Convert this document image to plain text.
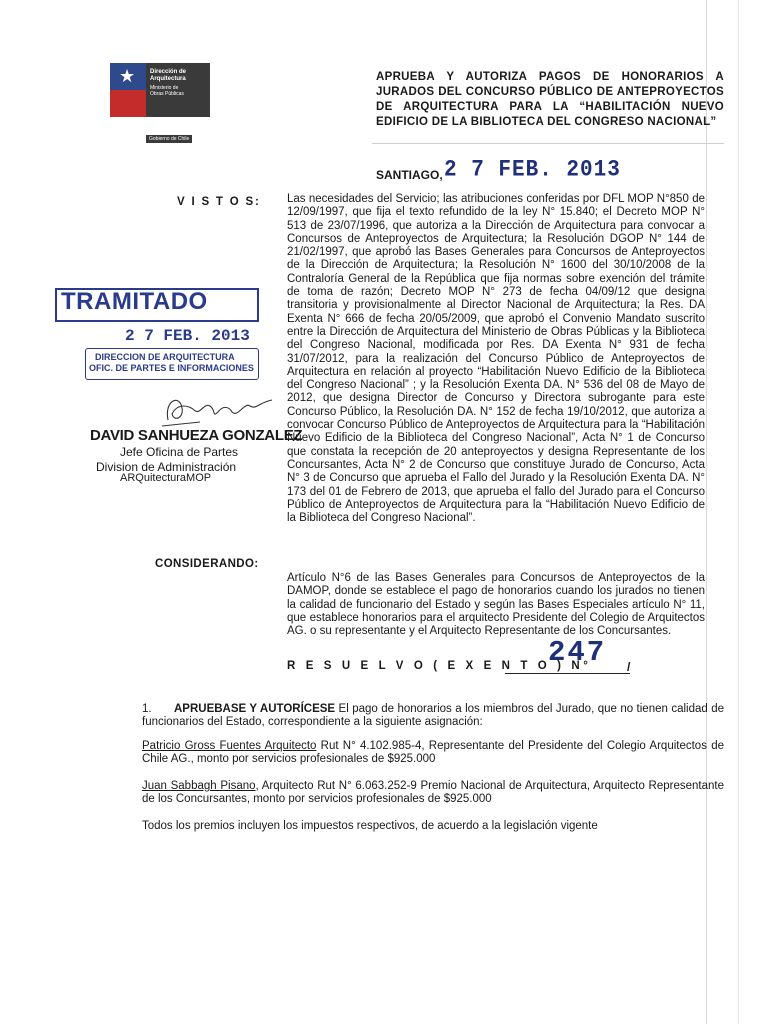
★ Dirección de
Arquitectura
Ministerio de
Obras Públicas
Gobierno de Chile
APRUEBA Y AUTORIZA PAGOS DE HONORARIOS A JURADOS DEL CONCURSO PÚBLICO DE ANTEPROYECTOS DE ARQUITECTURA PARA LA “HABILITACIÓN NUEVO EDIFICIO DE LA BIBLIOTECA DEL CONGRESO NACIONAL”
SANTIAGO, 2 7 FEB. 2013
V I S T O S: Las necesidades del Servicio; las atribuciones conferidas por DFL MOP N°850 de 12/09/1997, que fija el texto refundido de la ley N° 15.840; el Decreto MOP N° 513 de 23/07/1996, que autoriza a la Dirección de Arquitectura para convocar a Concursos de Anteproyectos de Arquitectura; la Resolución DGOP N° 144 de 21/02/1997, que aprobó las Bases Generales para Concursos de Anteproyectos de la Dirección de Arquitectura; la Resolución N° 1600 del 30/10/2008 de la Contraloría General de la República que fija normas sobre exención del trámite de toma de razón; Decreto MOP N° 273 de fecha 04/09/12 que designa transitoria y provisionalmente al Director Nacional de Arquitectura; la Res. DA Exenta N° 666 de fecha 20/05/2009, que aprobó el Convenio Mandato suscrito entre la Dirección de Arquitectura del Ministerio de Obras Públicas y la Biblioteca del Congreso Nacional, modificada por Res. DA Exenta N° 931 de fecha 31/07/2012, para la realización del Concurso Público de Anteproyectos de Arquitectura en relación al proyecto “Habilitación Nuevo Edificio de la Biblioteca del Congreso Nacional” ; y la Resolución Exenta DA. N° 536 del 08 de Mayo de 2012, que designa Director de Concurso y Directora subrogante para este Concurso Público, la Resolución DA. N° 152 de fecha 19/10/2012, que autoriza a convocar Concurso Público de Anteproyectos de Arquitectura para la “Habilitación Nuevo Edificio de la Biblioteca del Congreso Nacional”, Acta N° 1 de Concurso que constata la recepción de 20 anteproyectos y designa Representante de los Concursantes, Acta N° 2 de Concurso que constituye Jurado de Concurso, Acta N° 3 de Concurso que aprueba el Fallo del Jurado y la Resolución Exenta DA. N° 173 del 01 de Febrero de 2013, que aprueba el fallo del Jurado para el Concurso Público de Anteproyectos de Arquitectura para la “Habilitación Nuevo Edificio de la Biblioteca del Congreso Nacional”.
TRAMITADO
2 7 FEB. 2013
DIRECCION DE ARQUITECTURA
OFIC. DE PARTES E INFORMACIONES
DAVID SANHUEZA GONZALEZ
Jefe Oficina de Partes
Division de Administración
ARQuitecturaMOP
CONSIDERANDO:
Artículo N°6 de las Bases Generales para Concursos de Anteproyectos de la DAMOP, donde se establece el pago de honorarios cuando los jurados no tienen la calidad de funcionario del Estado y según las Bases Especiales artículo N° 11, que establece honorarios para el arquitecto Presidente del Colegio de Arquitectos AG. o su representante y el Arquitecto Representante de los Concursantes.
R E S U E L V O ( E X E N T O ) N°
247 /
APRUEBASE Y AUTORÍCESE El pago de honorarios a los miembros del Jurado, que no tienen calidad de funcionarios del Estado, correspondiente a la siguiente asignación:
1.
Patricio Gross Fuentes Arquitecto Rut N° 4.102.985-4, Representante del Presidente del Colegio Arquitectos de Chile AG., monto por servicios profesionales de $925.000
Juan Sabbagh Pisano, Arquitecto Rut N° 6.063.252-9 Premio Nacional de Arquitectura, Arquitecto Representante de los Concursantes, monto por servicios profesionales de $925.000
Todos los premios incluyen los impuestos respectivos, de acuerdo a la legislación vigente
